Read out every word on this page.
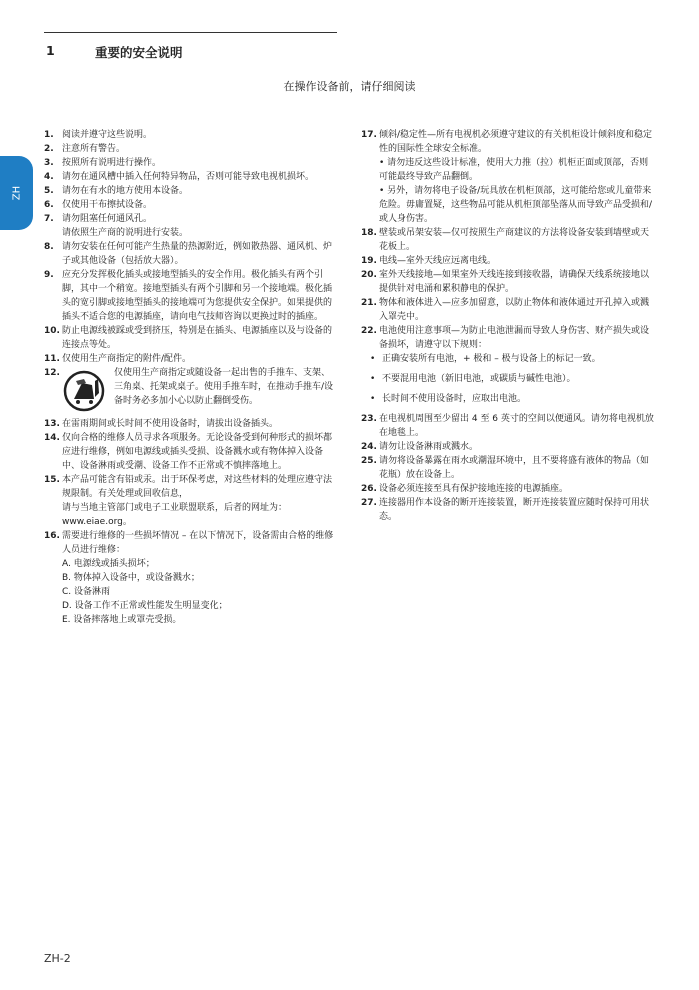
1	重要的安全说明
在操作设备前，请仔细阅读
ZH
1. 阅读并遵守这些说明。
2. 注意所有警告。
3. 按照所有说明进行操作。
4. 请勿在通风槽中插入任何特异物品，否则可能导致电视机损坏。
5. 请勿在有水的地方使用本设备。
6. 仅使用干布擦拭设备。
7. 请勿阻塞任何通风孔。
请依照生产商的说明进行安装。
8. 请勿安装在任何可能产生热量的热源附近，例如散热器、通风机、炉子或其他设备（包括放大器）。
9. 应充分发挥极化插头或接地型插头的安全作用。极化插头有两个引脚，其中一个稍宽。接地型插头有两个引脚和另一个接地端。极化插头的宽引脚或接地型插头的接地端可为您提供安全保护。如果提供的插头不适合您的电源插座，请向电气技师咨询以更换过时的插座。
10. 防止电源线被踩或受到挤压，特别是在插头、电源插座以及与设备的连接点等处。
11. 仅使用生产商指定的附件/配件。
12.	仅使用生产商指定或随设备一起出售的手推车、支架、三角桌、托架或桌子。使用手推车时，在推动手推车/设备时务必多加小心以防止翻倒受伤。
13. 在雷雨期间或长时间不使用设备时，请拔出设备插头。
14. 仅向合格的维修人员寻求各项服务。无论设备受到何种形式的损坏都应进行维修，例如电源线或插头受损、设备溅水或有物体掉入设备中、设备淋雨或受潮、设备工作不正常或不慎摔落地上。
15. 本产品可能含有铅或汞。出于环保考虑，对这些材料的处理应遵守法规限制。有关处理或回收信息，
请与当地主管部门或电子工业联盟联系，后者的网址为：www.eiae.org。
16. 需要进行维修的一些损坏情况 – 在以下情况下，设备需由合格的维修人员进行维修：
A. 电源线或插头损坏；
B. 物体掉入设备中，或设备溅水；
C. 设备淋雨
D. 设备工作不正常或性能发生明显变化；
E. 设备摔落地上或罩壳受损。
17. 倾斜/稳定性—所有电视机必须遵守建议的有关机柜设计倾斜度和稳定性的国际性全球安全标准。
• 请勿违反这些设计标准，使用大力推（拉）机柜正面或顶部，否则可能最终导致产品翻倒。
• 另外，请勿将电子设备/玩具放在机柜顶部，这可能给您或儿童带来危险。毋庸置疑，这些物品可能从机柜顶部坠落从而导致产品受损和/或人身伤害。
18. 壁装或吊架安装—仅可按照生产商建议的方法将设备安装到墙壁或天花板上。
19. 电线—室外天线应远离电线。
20. 室外天线接地—如果室外天线连接到接收器，请确保天线系统接地以提供针对电涌和累积静电的保护。
21. 物体和液体进入—应多加留意，以防止物体和液体通过开孔掉入或溅入罩壳中。
22. 电池使用注意事项—为防止电池泄漏而导致人身伤害、财产损失或设备损坏，请遵守以下规则：
• 正确安装所有电池，+ 极和 – 极与设备上的标记一致。
• 不要混用电池（新旧电池，或碳质与碱性电池）。
• 长时间不使用设备时，应取出电池。
23. 在电视机周围至少留出 4 至 6 英寸的空间以便通风。请勿将电视机放在地毯上。
24. 请勿让设备淋雨或溅水。
25. 请勿将设备暴露在雨水或潮湿环境中，且不要将盛有液体的物品（如花瓶）放在设备上。
26. 设备必须连接至具有保护接地连接的电源插座。
27. 连接器用作本设备的断开连接装置，断开连接装置应随时保持可用状态。
ZH-2
